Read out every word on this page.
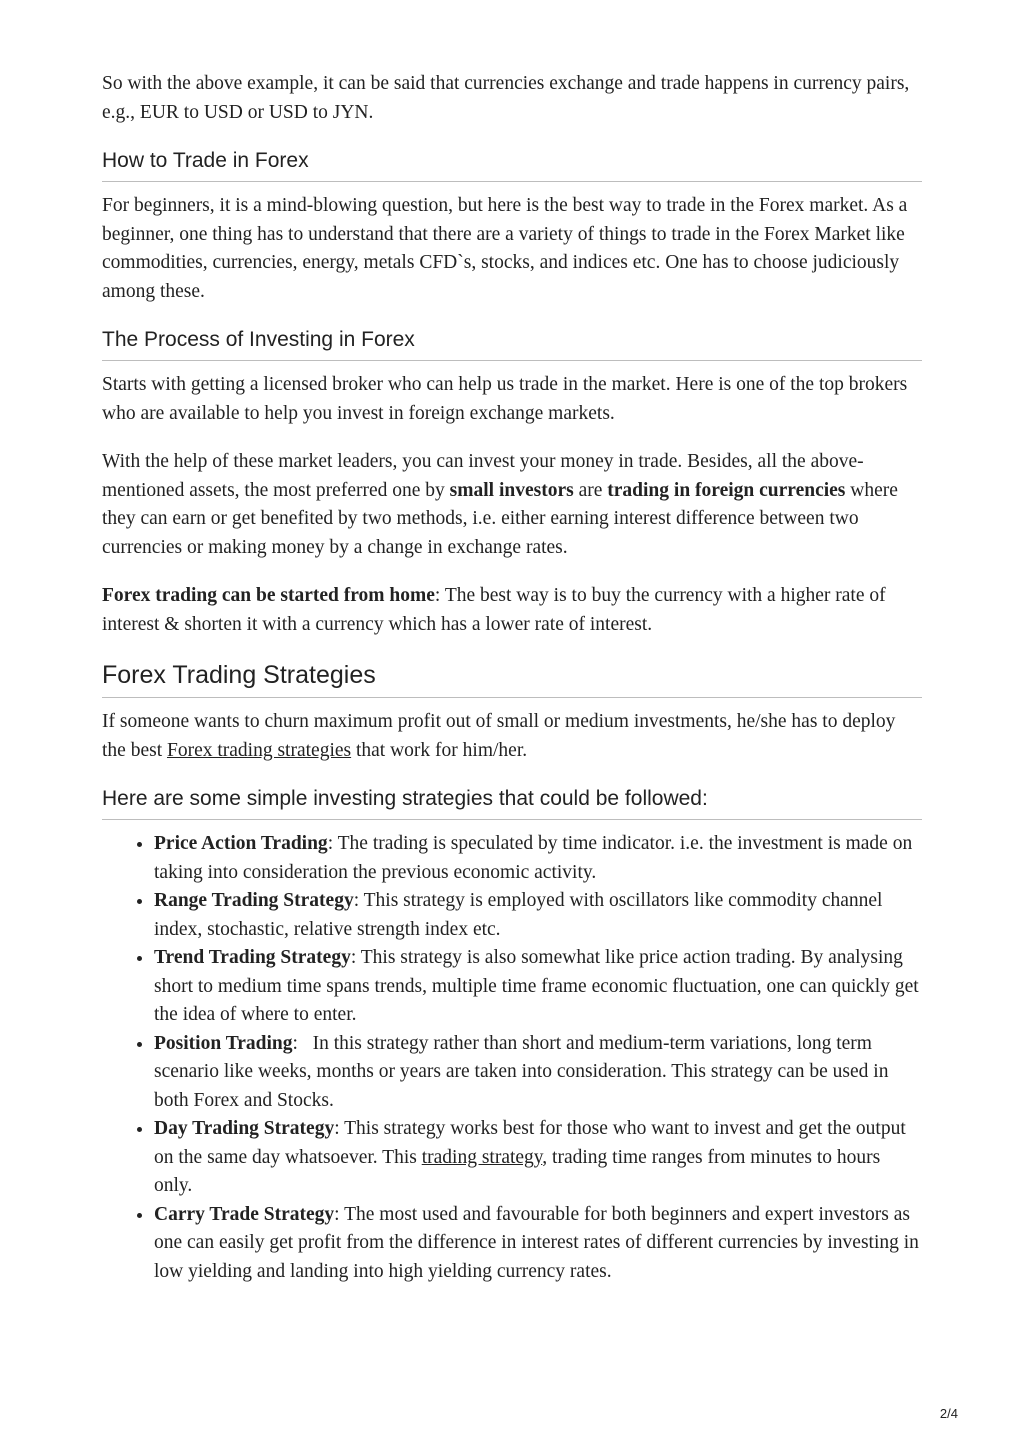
So with the above example, it can be said that currencies exchange and trade happens in currency pairs, e.g., EUR to USD or USD to JYN.

How to Trade in Forex

For beginners, it is a mind-blowing question, but here is the best way to trade in the Forex market. As a beginner, one thing has to understand that there are a variety of things to trade in the Forex Market like commodities, currencies, energy, metals CFD`s, stocks, and indices etc. One has to choose judiciously among these.

The Process of Investing in Forex

Starts with getting a licensed broker who can help us trade in the market. Here is one of the top brokers who are available to help you invest in foreign exchange markets.

With the help of these market leaders, you can invest your money in trade. Besides, all the above-mentioned assets, the most preferred one by small investors are trading in foreign currencies where they can earn or get benefited by two methods, i.e. either earning interest difference between two currencies or making money by a change in exchange rates.

Forex trading can be started from home: The best way is to buy the currency with a higher rate of interest & shorten it with a currency which has a lower rate of interest.

Forex Trading Strategies

If someone wants to churn maximum profit out of small or medium investments, he/she has to deploy the best Forex trading strategies that work for him/her.

Here are some simple investing strategies that could be followed:
• Price Action Trading: The trading is speculated by time indicator. i.e. the investment is made on taking into consideration the previous economic activity.
• Range Trading Strategy: This strategy is employed with oscillators like commodity channel index, stochastic, relative strength index etc.
• Trend Trading Strategy: This strategy is also somewhat like price action trading. By analysing short to medium time spans trends, multiple time frame economic fluctuation, one can quickly get the idea of where to enter.
• Position Trading:   In this strategy rather than short and medium-term variations, long term scenario like weeks, months or years are taken into consideration. This strategy can be used in both Forex and Stocks.
• Day Trading Strategy: This strategy works best for those who want to invest and get the output on the same day whatsoever. This trading strategy, trading time ranges from minutes to hours only.
• Carry Trade Strategy: The most used and favourable for both beginners and expert investors as one can easily get profit from the difference in interest rates of different currencies by investing in low yielding and landing into high yielding currency rates.
2/4
